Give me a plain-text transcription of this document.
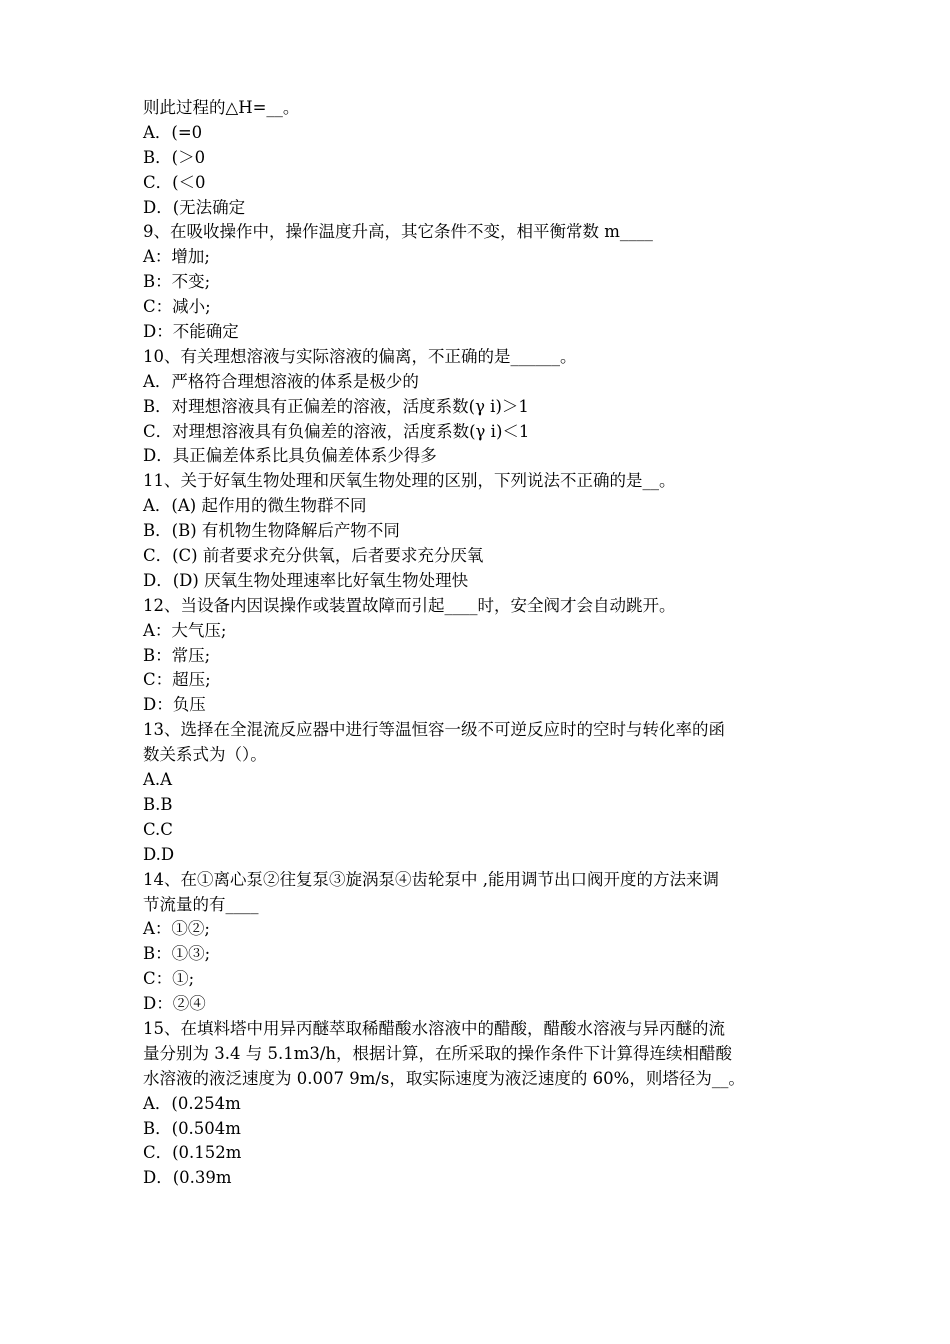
则此过程的△H=__。
A．(=0
B．(＞0
C．(＜0
D．(无法确定
9、在吸收操作中，操作温度升高，其它条件不变，相平衡常数 m____
A：增加;
B：不变;
C：减小;
D：不能确定
10、有关理想溶液与实际溶液的偏离，不正确的是______。
A．严格符合理想溶液的体系是极少的
B．对理想溶液具有正偏差的溶液，活度系数(γ i)＞1
C．对理想溶液具有负偏差的溶液，活度系数(γ i)＜1
D．具正偏差体系比具负偏差体系少得多
11、关于好氧生物处理和厌氧生物处理的区别，下列说法不正确的是__。
A．(A) 起作用的微生物群不同
B．(B) 有机物生物降解后产物不同
C．(C) 前者要求充分供氧，后者要求充分厌氧
D．(D) 厌氧生物处理速率比好氧生物处理快
12、当设备内因误操作或装置故障而引起____时，安全阀才会自动跳开。
A：大气压;
B：常压;
C：超压;
D：负压
13、选择在全混流反应器中进行等温恒容一级不可逆反应时的空时与转化率的函
数关系式为（）。
A.A
B.B
C.C
D.D
14、在①离心泵②往复泵③旋涡泵④齿轮泵中 ,能用调节出口阀开度的方法来调
节流量的有____
A：①②;
B：①③;
C：①;
D：②④
15、在填料塔中用异丙醚萃取稀醋酸水溶液中的醋酸，醋酸水溶液与异丙醚的流
量分别为 3.4 与 5.1m3/h，根据计算，在所采取的操作条件下计算得连续相醋酸
水溶液的液泛速度为 0.007 9m/s，取实际速度为液泛速度的 60%，则塔径为__。
A．(0.254m
B．(0.504m
C．(0.152m
D．(0.39m
